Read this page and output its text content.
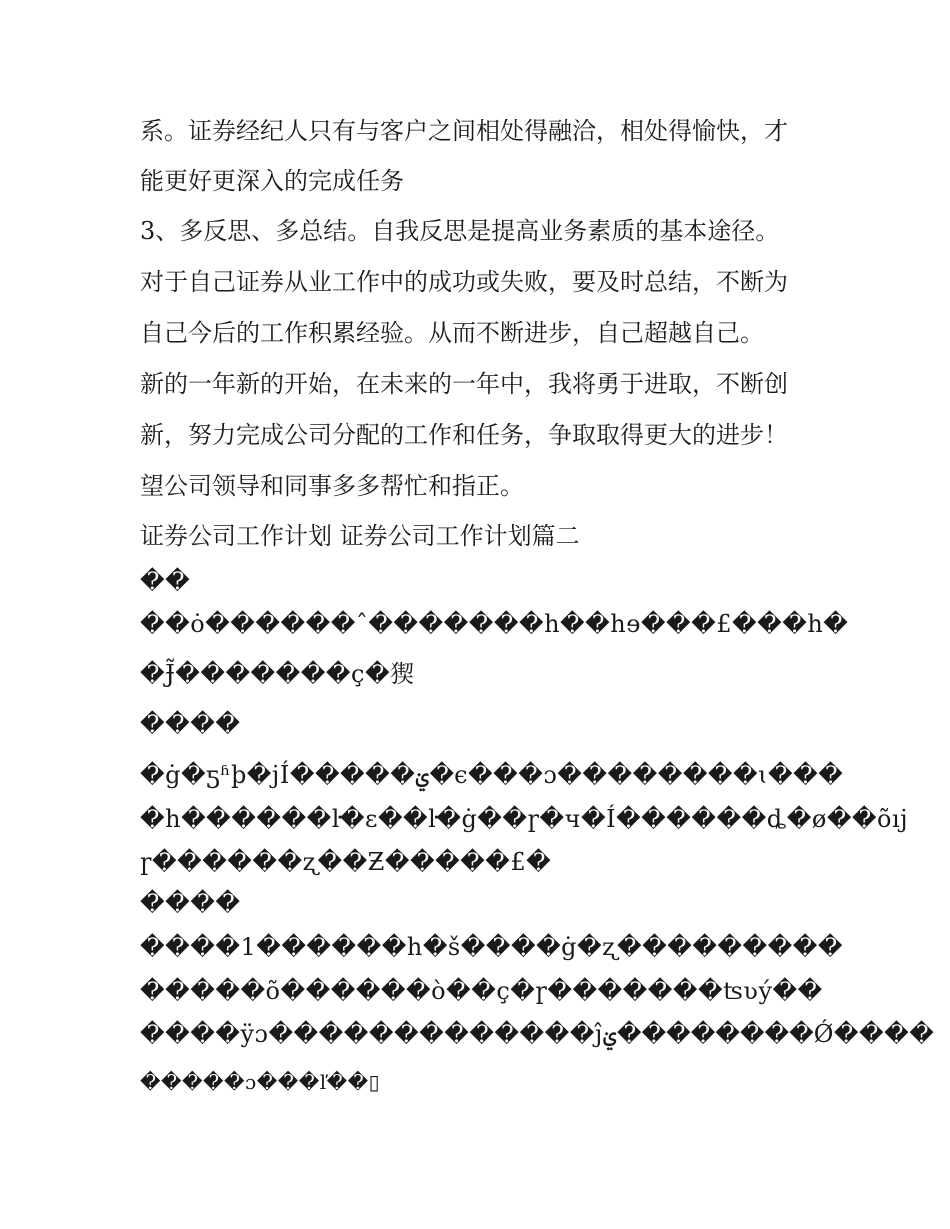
系。证券经纪人只有与客户之间相处得融洽，相处得愉快，才
能更好更深入的完成任务
3、多反思、多总结。自我反思是提高业务素质的基本途径。
对于自己证券从业工作中的成功或失败，要及时总结，不断为
自己今后的工作积累经验。从而不断进步，自己超越自己。
新的一年新的开始，在未来的一年中，我将勇于进取，不断创
新，努力完成公司分配的工作和任务，争取取得更大的进步！
望公司领导和同事多多帮忙和指正。
证券公司工作计划 证券公司工作计划篇二
��
��ȯ������ˆ�������h��hɘ���£���h�
�Ɉ̃�������ç�猰
����
�ġ�ƽʱþ�jÍ�����ࢩ�ϵ���ɔ��������ɩ���
�h������ŀ�ɛ��ŀ�ġ��ɼ�ч�Í������ȡ�ø��õıj
ɼ������ʐ��Ƶ�����£�
����
����1������h�š����ġ�ʐ���������
�����õ������ò��ç�ɼ�������ʦʋý��
����ÿɔ�������������ĵࢩ��������Ǿ����
�����ɔ���ľ��▯
